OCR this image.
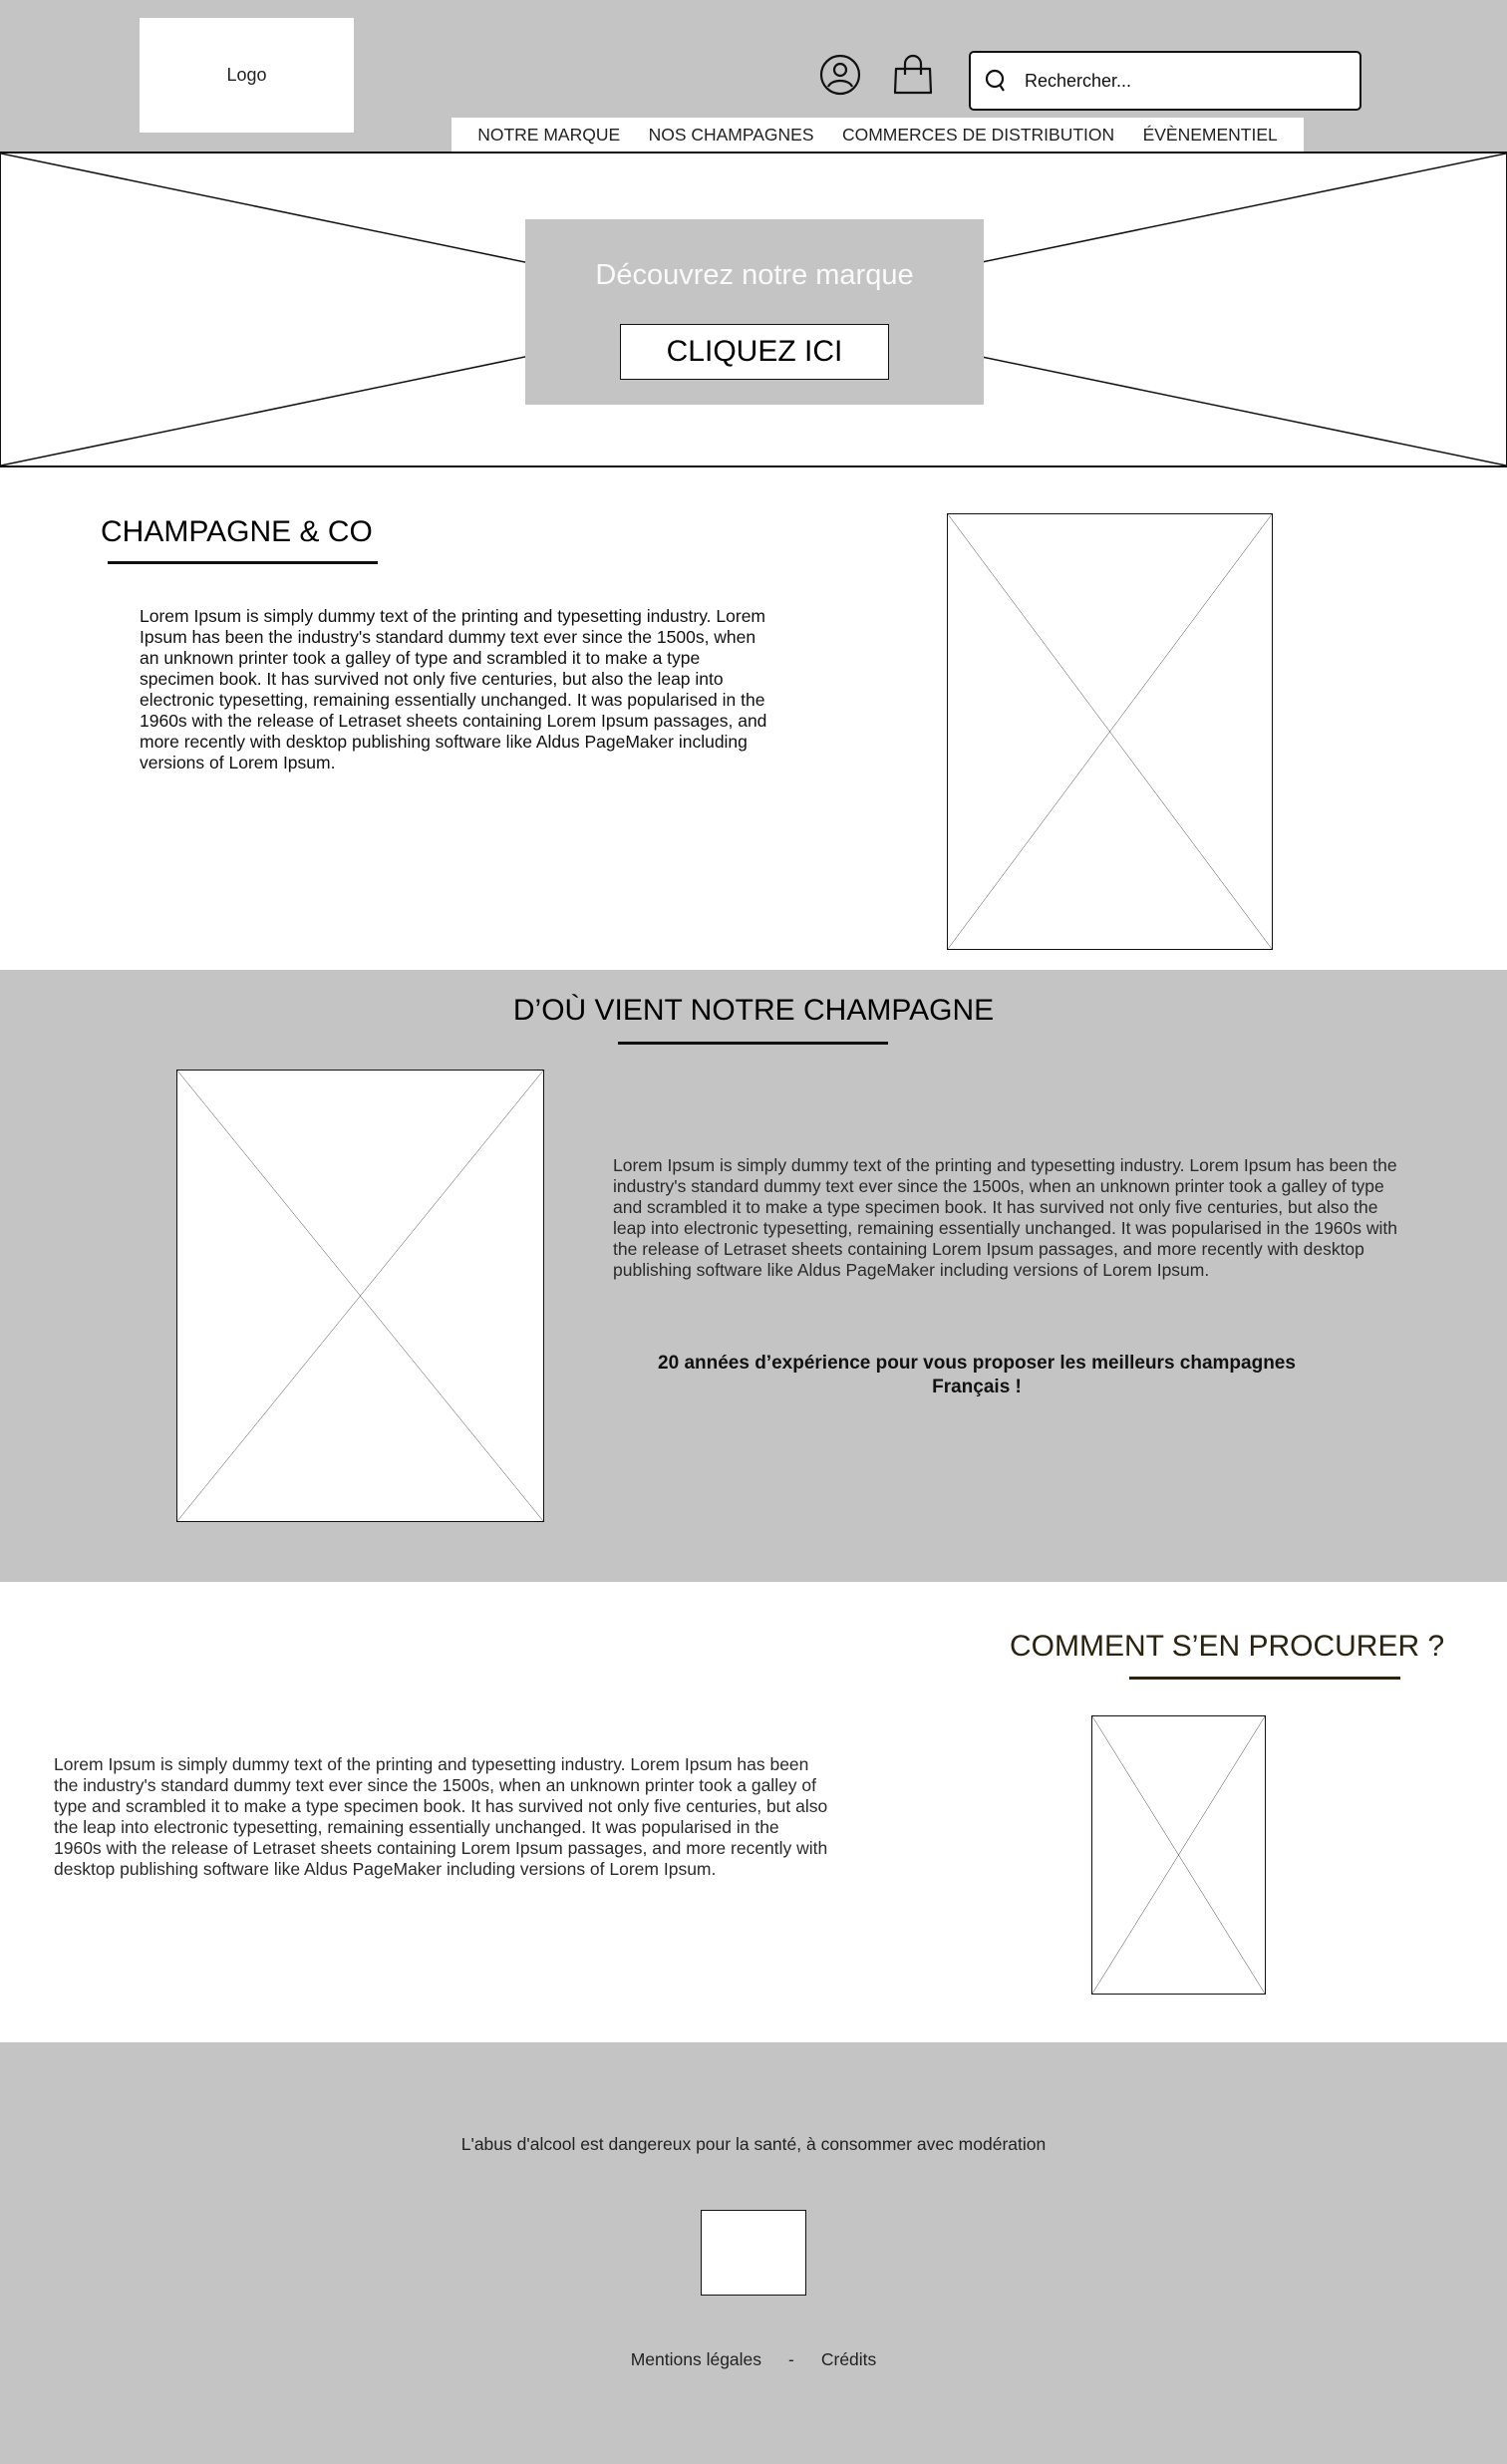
Logo
Rechercher...
NOTRE MARQUE NOS CHAMPAGNES COMMERCES DE DISTRIBUTION ÉVÈNEMENTIEL
Découvrez notre marque
CLIQUEZ ICI
CHAMPAGNE & CO

Lorem Ipsum is simply dummy text of the printing and typesetting industry. Lorem Ipsum has been the industry's standard dummy text ever since the 1500s, when an unknown printer took a galley of type and scrambled it to make a type specimen book. It has survived not only five centuries, but also the leap into electronic typesetting, remaining essentially unchanged. It was popularised in the 1960s with the release of Letraset sheets containing Lorem Ipsum passages, and more recently with desktop publishing software like Aldus PageMaker including versions of Lorem Ipsum.

D’OÙ VIENT NOTRE CHAMPAGNE

Lorem Ipsum is simply dummy text of the printing and typesetting industry. Lorem Ipsum has been the industry's standard dummy text ever since the 1500s, when an unknown printer took a galley of type and scrambled it to make a type specimen book. It has survived not only five centuries, but also the leap into electronic typesetting, remaining essentially unchanged. It was popularised in the 1960s with the release of Letraset sheets containing Lorem Ipsum passages, and more recently with desktop publishing software like Aldus PageMaker including versions of Lorem Ipsum.

20 années d’expérience pour vous proposer les meilleurs champagnes Français !

COMMENT S’EN PROCURER ?

Lorem Ipsum is simply dummy text of the printing and typesetting industry. Lorem Ipsum has been the industry's standard dummy text ever since the 1500s, when an unknown printer took a galley of type and scrambled it to make a type specimen book. It has survived not only five centuries, but also the leap into electronic typesetting, remaining essentially unchanged. It was popularised in the 1960s with the release of Letraset sheets containing Lorem Ipsum passages, and more recently with desktop publishing software like Aldus PageMaker including versions of Lorem Ipsum.

L'abus d'alcool est dangereux pour la santé, à consommer avec modération

Mentions légales - Crédits
